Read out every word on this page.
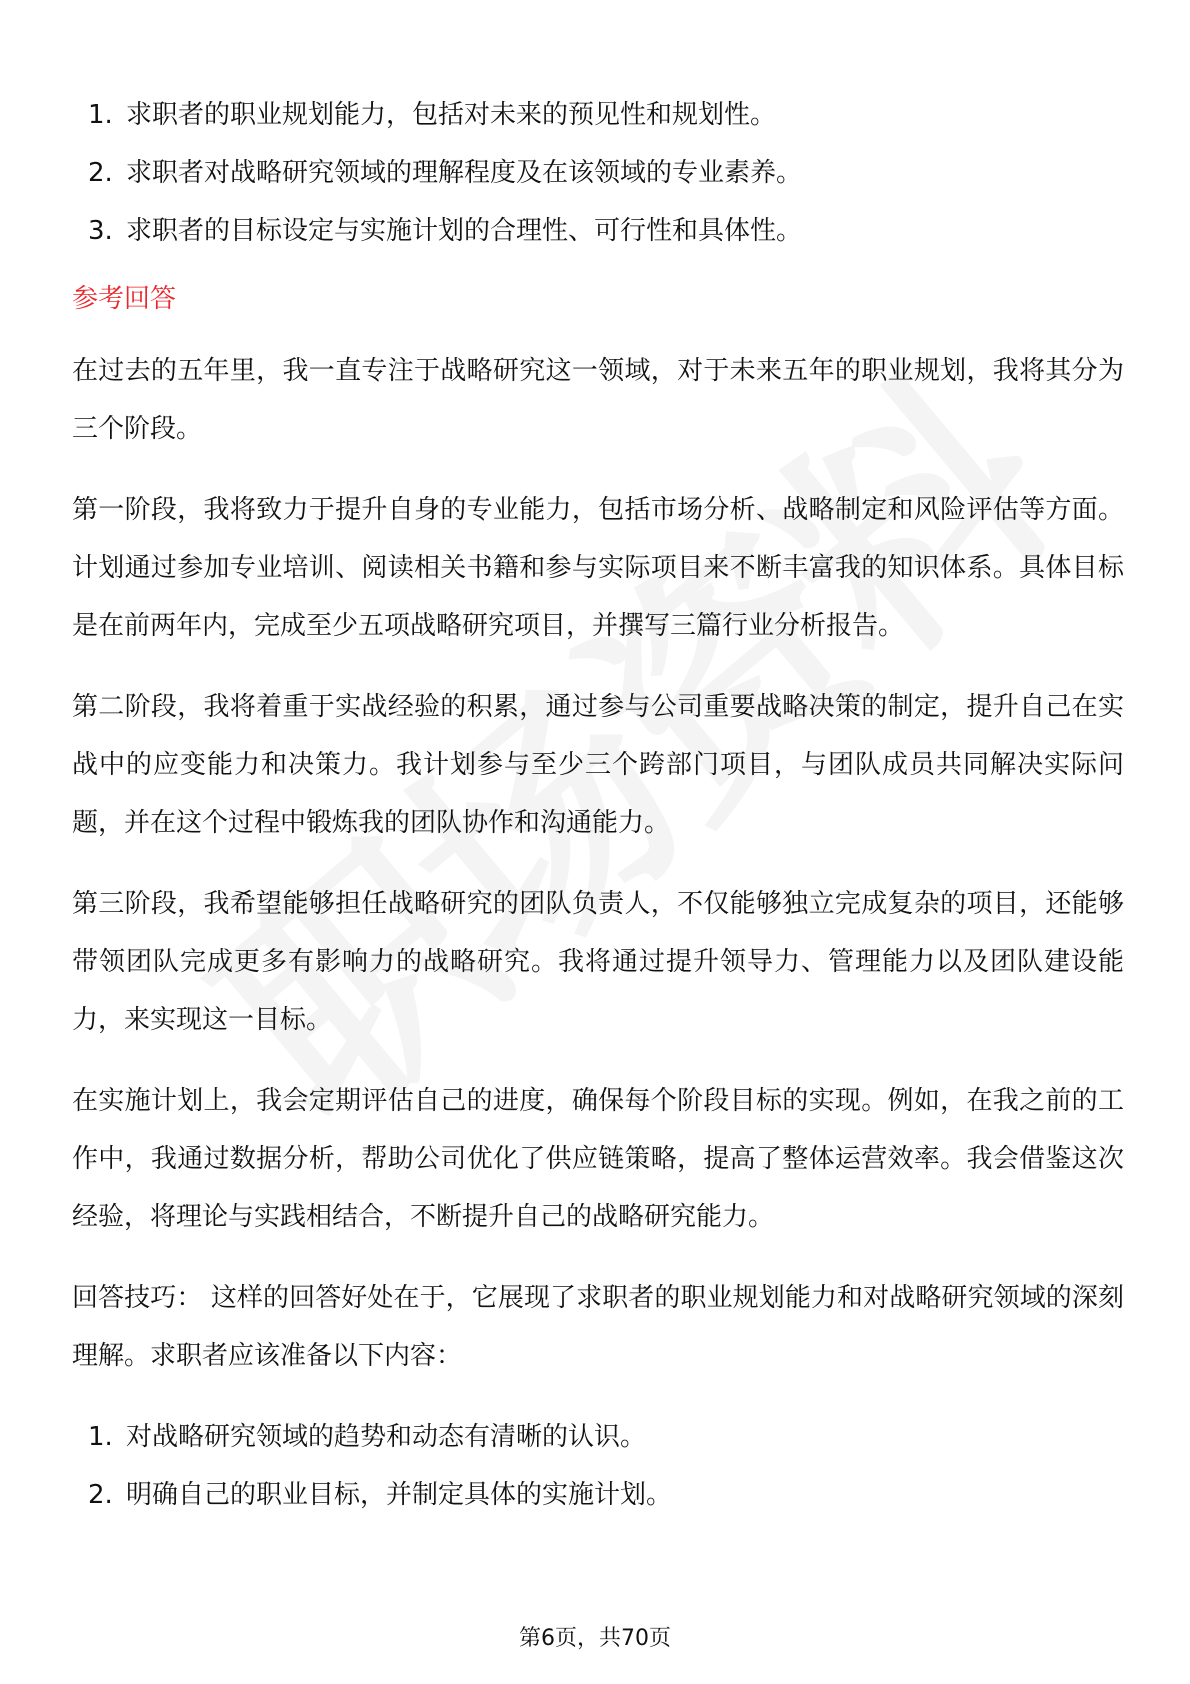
1. 求职者的职业规划能力，包括对未来的预见性和规划性。
2. 求职者对战略研究领域的理解程度及在该领域的专业素养。
3. 求职者的目标设定与实施计划的合理性、可行性和具体性。
参考回答

在过去的五年里，我一直专注于战略研究这一领域，对于未来五年的职业规划，我将其分为三个阶段。

第一阶段，我将致力于提升自身的专业能力，包括市场分析、战略制定和风险评估等方面。计划通过参加专业培训、阅读相关书籍和参与实际项目来不断丰富我的知识体系。具体目标是在前两年内，完成至少五项战略研究项目，并撰写三篇行业分析报告。

第二阶段，我将着重于实战经验的积累，通过参与公司重要战略决策的制定，提升自己在实战中的应变能力和决策力。我计划参与至少三个跨部门项目，与团队成员共同解决实际问题，并在这个过程中锻炼我的团队协作和沟通能力。

第三阶段，我希望能够担任战略研究的团队负责人，不仅能够独立完成复杂的项目，还能够带领团队完成更多有影响力的战略研究。我将通过提升领导力、管理能力以及团队建设能力，来实现这一目标。

在实施计划上，我会定期评估自己的进度，确保每个阶段目标的实现。例如，在我之前的工作中，我通过数据分析，帮助公司优化了供应链策略，提高了整体运营效率。我会借鉴这次经验，将理论与实践相结合，不断提升自己的战略研究能力。

回答技巧： 这样的回答好处在于，它展现了求职者的职业规划能力和对战略研究领域的深刻理解。求职者应该准备以下内容：

1. 对战略研究领域的趋势和动态有清晰的认识。
2. 明确自己的职业目标，并制定具体的实施计划。
第6页，共70页
